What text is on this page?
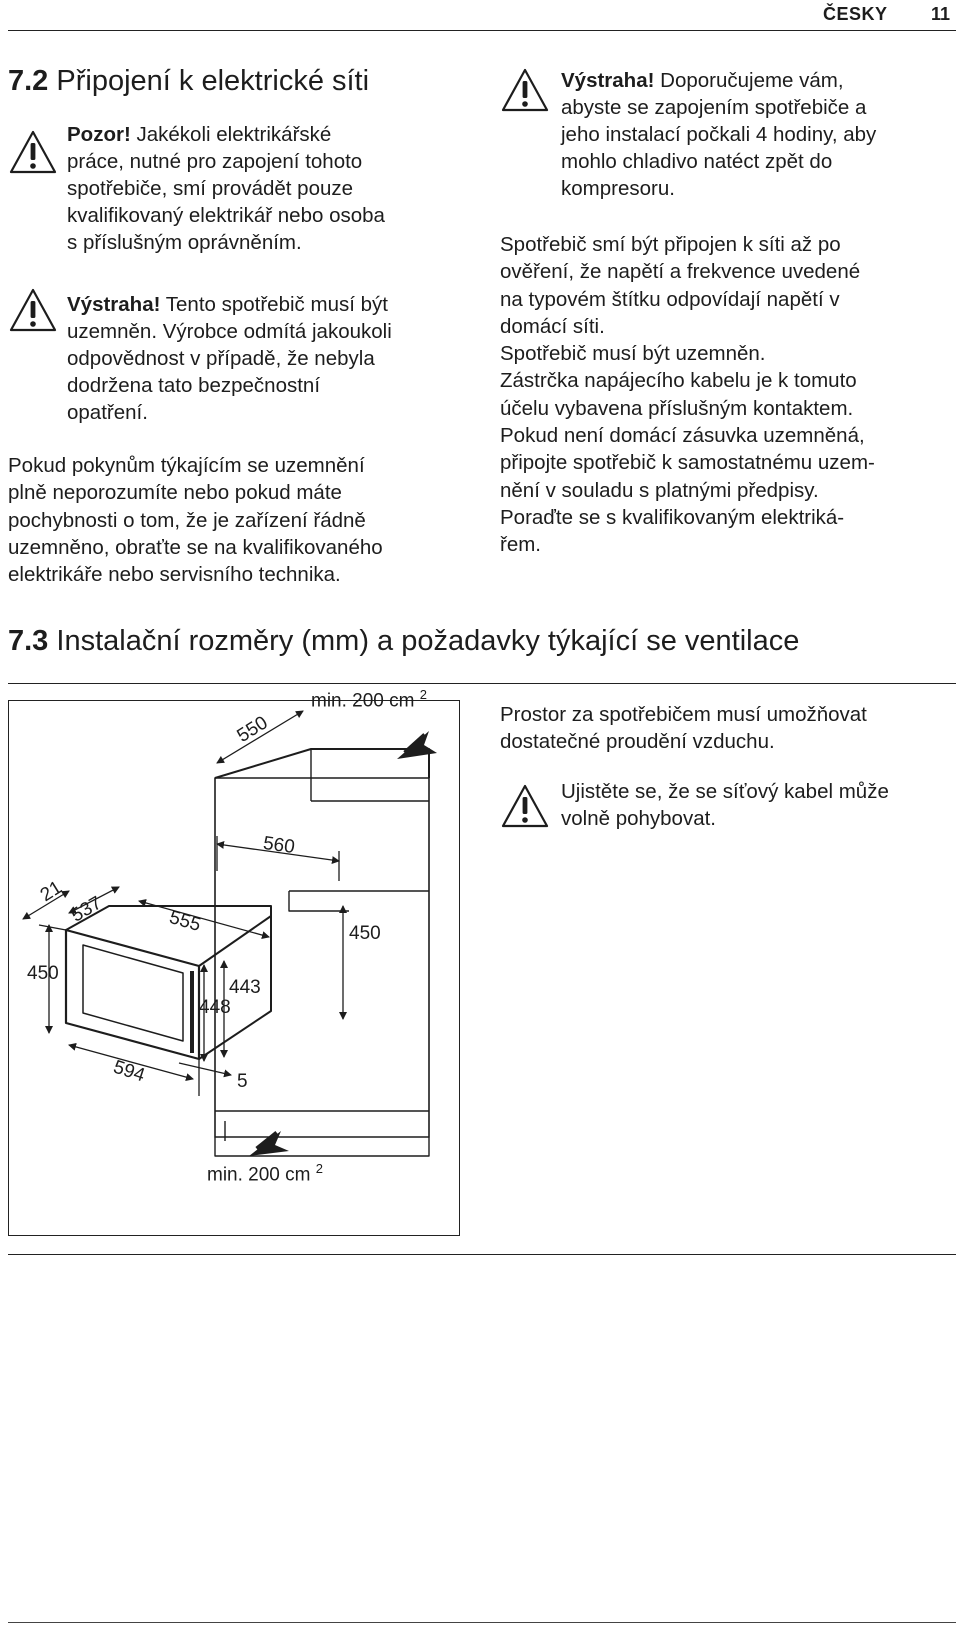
ČESKY 11
7.2 Připojení k elektrické síti
Pozor! Jakékoli elektrikářské
práce, nutné pro zapojení tohoto
spotřebiče, smí provádět pouze
kvalifikovaný elektrikář nebo osoba
s příslušným oprávněním.
Výstraha! Tento spotřebič musí být
uzemněn. Výrobce odmítá jakoukoli
odpovědnost v případě, že nebyla
dodržena tato bezpečnostní
opatření.

Pokud pokynům týkajícím se uzemnění

plně neporozumíte nebo pokud máte

pochybnosti o tom, že je zařízení řádně

uzemněno, obraťte se na kvalifikovaného

elektrikáře nebo servisního technika.

Výstraha! Doporučujeme vám,
abyste se zapojením spotřebiče a
jeho instalací počkali 4 hodiny, aby
mohlo chladivo natéct zpět do
kompresoru.

Spotřebič smí být připojen k síti až po

ověření, že napětí a frekvence uvedené

na typovém štítku odpovídají napětí v

domácí síti.

Spotřebič musí být uzemněn.

Zástrčka napájecího kabelu je k tomuto

účelu vybavena příslušným kontaktem.

Pokud není domácí zásuvka uzemněná,

připojte spotřebič k samostatnému uzem-

nění v souladu s platnými předpisy.

Poraďte se s kvalifikovaným elektriká-

řem.

7.3 Instalační rozměry (mm) a požadavky týkající se ventilace
min. 200 cm $^2$
550
560
450
21
537	555
450
443
448
594	5
min. 200 cm $^2$

Prostor za spotřebičem musí umožňovat

dostatečné proudění vzduchu.

Ujistěte se, že se síťový kabel může

volně pohybovat.
